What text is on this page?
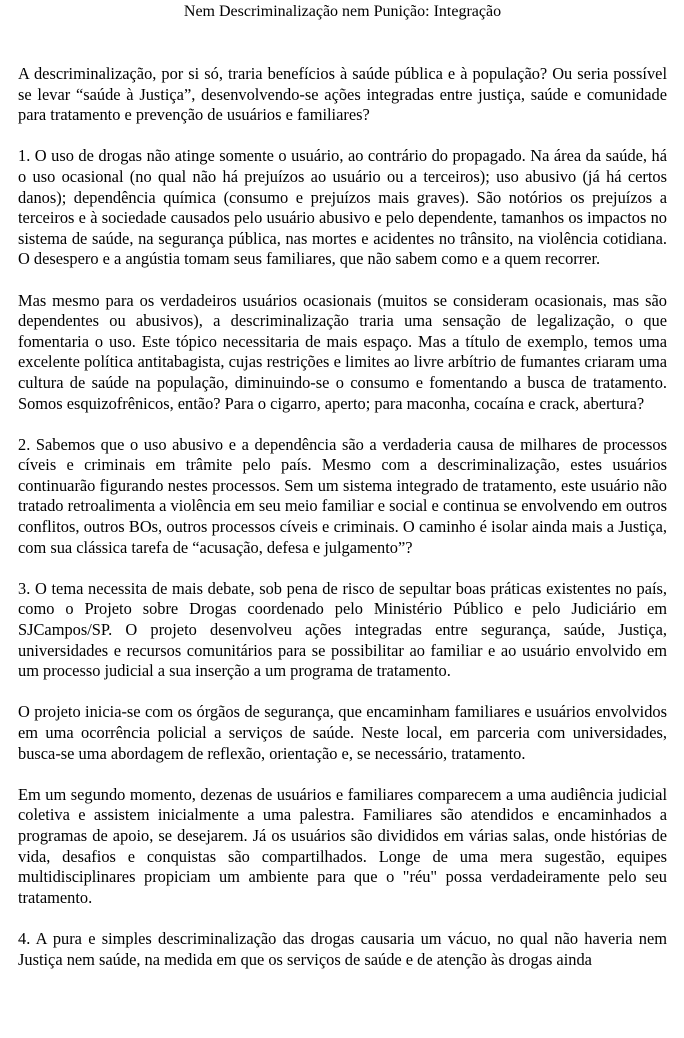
Nem Descriminalização nem Punição: Integração

A descriminalização, por si só, traria benefícios à saúde pública e à população? Ou seria possível se levar “saúde à Justiça”, desenvolvendo-se ações integradas entre justiça, saúde e comunidade para tratamento e prevenção de usuários e familiares?

1. O uso de drogas não atinge somente o usuário, ao contrário do propagado. Na área da saúde, há o uso ocasional (no qual não há prejuízos ao usuário ou a terceiros); uso abusivo (já há certos danos); dependência química (consumo e prejuízos mais graves). São notórios os prejuízos a terceiros e à sociedade causados pelo usuário abusivo e pelo dependente, tamanhos os impactos no sistema de saúde, na segurança pública, nas mortes e acidentes no trânsito, na violência cotidiana. O desespero e a angústia tomam seus familiares, que não sabem como e a quem recorrer.

Mas mesmo para os verdadeiros usuários ocasionais (muitos se consideram ocasionais, mas são dependentes ou abusivos), a descriminalização traria uma sensação de legalização, o que fomentaria o uso. Este tópico necessitaria de mais espaço. Mas a título de exemplo, temos uma excelente política antitabagista, cujas restrições e limites ao livre arbítrio de fumantes criaram uma cultura de saúde na população, diminuindo-se o consumo e fomentando a busca de tratamento. Somos esquizofrênicos, então? Para o cigarro, aperto; para maconha, cocaína e crack, abertura?

2. Sabemos que o uso abusivo e a dependência são a verdaderia causa de milhares de processos cíveis e criminais em trâmite pelo país. Mesmo com a descriminalização, estes usuários continuarão figurando nestes processos. Sem um sistema integrado de tratamento, este usuário não tratado retroalimenta a violência em seu meio familiar e social e continua se envolvendo em outros conflitos, outros BOs, outros processos cíveis e criminais. O caminho é isolar ainda mais a Justiça, com sua clássica tarefa de “acusação, defesa e julgamento”?

3. O tema necessita de mais debate, sob pena de risco de sepultar boas práticas existentes no país, como o Projeto sobre Drogas coordenado pelo Ministério Público e pelo Judiciário em SJCampos/SP. O projeto desenvolveu ações integradas entre segurança, saúde, Justiça, universidades e recursos comunitários para se possibilitar ao familiar e ao usuário envolvido em um processo judicial a sua inserção a um programa de tratamento.

O projeto inicia-se com os órgãos de segurança, que encaminham familiares e usuários envolvidos em uma ocorrência policial a serviços de saúde. Neste local, em parceria com universidades, busca-se uma abordagem de reflexão, orientação e, se necessário, tratamento.

Em um segundo momento, dezenas de usuários e familiares comparecem a uma audiência judicial coletiva e assistem inicialmente a uma palestra. Familiares são atendidos e encaminhados a programas de apoio, se desejarem. Já os usuários são divididos em várias salas, onde histórias de vida, desafios e conquistas são compartilhados. Longe de uma mera sugestão, equipes multidisciplinares propiciam um ambiente para que o "réu" possa verdadeiramente pelo seu tratamento.

4. A pura e simples descriminalização das drogas causaria um vácuo, no qual não haveria nem Justiça nem saúde, na medida em que os serviços de saúde e de atenção às drogas ainda
